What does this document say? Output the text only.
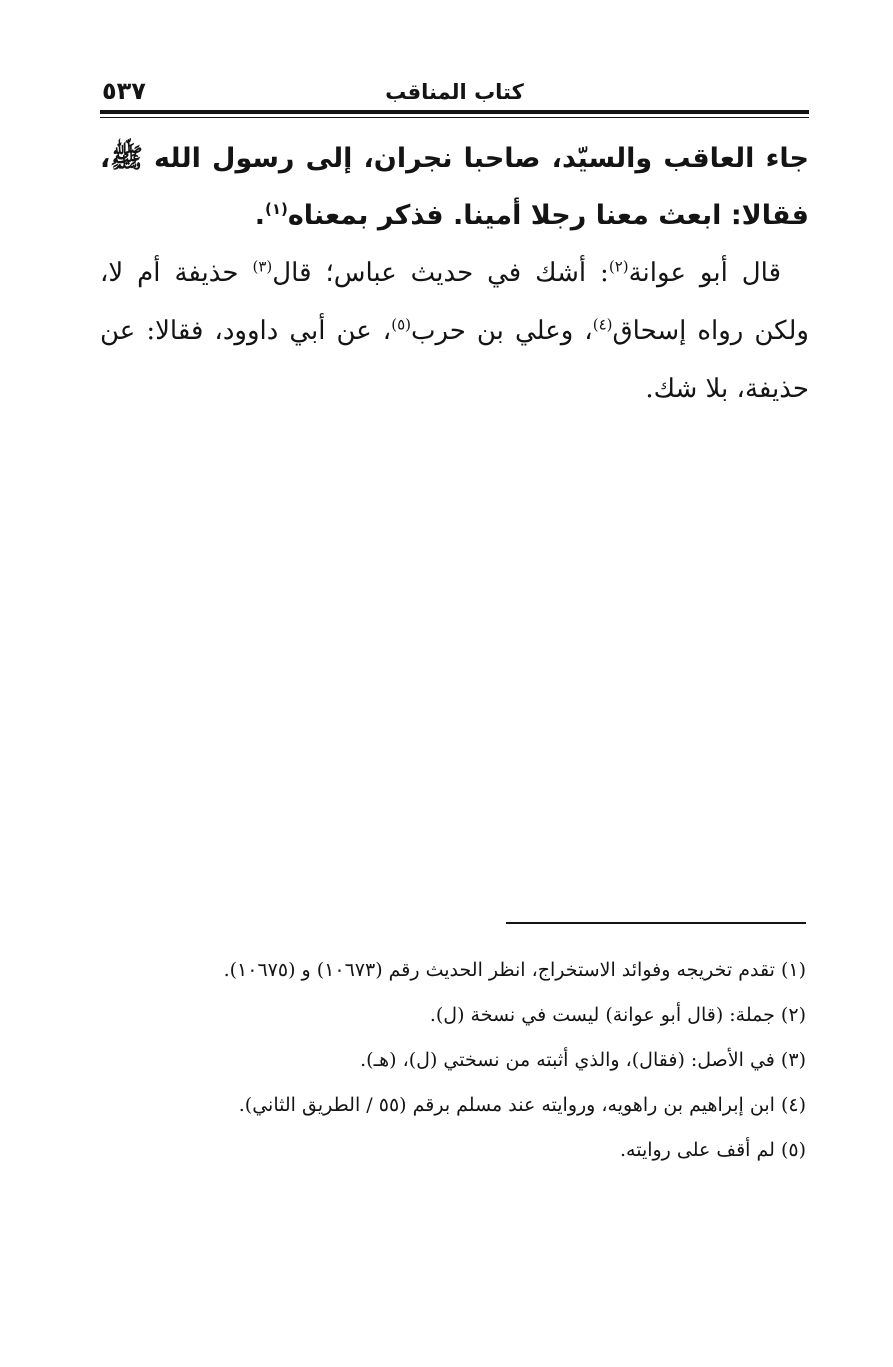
٥٣٧	كتاب المناقب

جاء العاقب والسيّد، صاحبا نجران، إلى رسول الله ﷺ، فقالا: ابعث معنا رجلا أمينا. فذكر بمعناه$^{(١)}$.

قال أبو عوانة$^{(٢)}$: أشك في حديث عباس؛ قال$^{(٣)}$ حذيفة أم لا، ولكن رواه إسحاق$^{(٤)}$، وعلي بن حرب$^{(٥)}$، عن أبي داوود، فقالا: عن حذيفة، بلا شك.

(١) تقدم تخريجه وفوائد الاستخراج، انظر الحديث رقم (١٠٦٧٣) و (١٠٦٧٥).

(٢) جملة: (قال أبو عوانة) ليست في نسخة (ل).

(٣) في الأصل: (فقال)، والذي أثبته من نسختي (ل)، (هـ).

(٤) ابن إبراهيم بن راهويه، وروايته عند مسلم برقم (٥٥ / الطريق الثاني).

(٥) لم أقف على روايته.
